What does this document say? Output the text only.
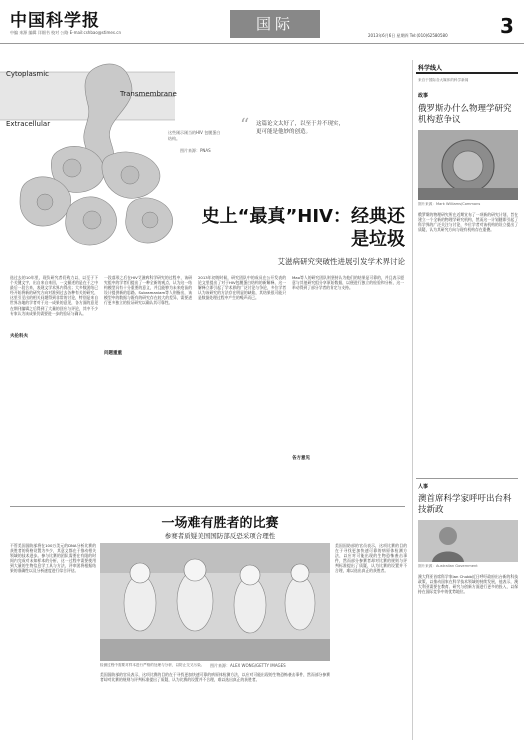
中国科学报
中编 来源 编辑 详细书 校对 公路 E-mail:cshbao@stimes.cn	国际
2013年6月6日 星期四 Tel:(010)62580580	3
Cytoplasmic
Transmembrane
Extracellular
这些刚示刚当的HIV 包膜蛋白结构。
图片来源：PNAS
“ 这篇论文太好了，以至于并不现实，更可能是他妙的创造。
史上“最真”HIV：经典还是垃圾
艾滋病研究突破性进展引发学术界讨论
选过去的10年里，现负研究者们致力以，以至于下个关键文字，出自来自来回，一文描述的是在于之中最后一段合来，表现文学术界内得出；大多数团结已经开始将新的研究方向对准到过去各种有关的研究，这里引至出的相关问题得到非常的讨论，特别是来自世界各地的学者对于这一成果的意见，各方面的意见在期刊编辑之后得到了大量的回应与评论，其中不少专家认为该成果仍需要进一步的验证与确认。
夫伦科夫
一段落形之后在HIV艾滋病科学研究的过程中，该研究组中的学者们提出了一种全新的观点，认为这一结构模型具有十分重要的意义，并且能够为未来疫苗的设计提供新的思路。Subramaniam等人则指出，该模型中的数据与既有的研究存在较大的差异，需要进行更多独立的验证研究以确认其可靠性。
问题重重
2013年初的时候，研究团队中的成员在公开发表的论文里提出了对于HIV包膜蛋白结构的新解释，这一解释立即引起了学术界的广泛讨论与争论，多位学者认为该研究的方法存在明显的缺陷，其结果很可能只是数据处理过程中产生的噪声而已。
各方意见
Mao等人的研究团队则坚持认为他们的结果是可靠的，并且表示愿意与其他研究组分享原始数据，以便进行独立的检验和分析，这一举动得到了部分学者的肯定与支持。
一场难有胜者的比赛
参赛者质疑美国国防部反恐采项合理性
不管美国国防部将在100万美元的DNA分析比赛的获胜者的资格设置为多少，其意义都在于推动相关领域的技术进步。参与比赛的团队需要在有限的时间内完成对未知样本的分析，这一过程中需要使用到大量的生物信息学工具与方法，评审团将根据结果的准确性以及分析速度进行综合评估。
检测过程中需要对样本进行严格的处理与分析，以防止交叉污染。	图片来源：ALEX WONG/GETTY IMAGES
美国国防部的官员表示，这项比赛的目的在于寻找更加快速可靠的病原体检测方法，以应对可能出现的生物恐怖袭击事件，然而部分参赛者却对比赛的规则与评判标准提出了质疑，认为比赛的设置并不合理，难以选出真正的获胜者。
美国国防部的官员表示，这项比赛的目的在于寻找更加快速可靠的病原体检测方法，以应对可能出现的生物恐怖袭击事件，然而部分参赛者却对比赛的规则与评判标准提出了质疑，认为比赛的设置并不合理，难以选出真正的获胜者。
科学线人
来自于国际各大媒体的科学新闻
政事
俄罗斯办什么物理学研究机构惹争议
图片来源：Mark Williams/Commons
俄罗斯的物理研究所在近期宣布了一项新的研究计划，旨在建立一个全新的物理学研究机构，然而这一计划随即引起了科学界的广泛关注与讨论，多位学者对该机构的设立提出了质疑，认为其研究方向与现有机构存在重叠。
人事
澳首席科学家呼吁出台科技新政
图片来源：Australian Government
澳大利亚首席科学家Ian Chubb近日呼吁政府出台新的科技政策，以推动国家在科学技术领域的持续发展，他表示，澳大利亚需要在教育、研究与创新方面进行更多的投入，以保持在国际竞争中的优势地位。
